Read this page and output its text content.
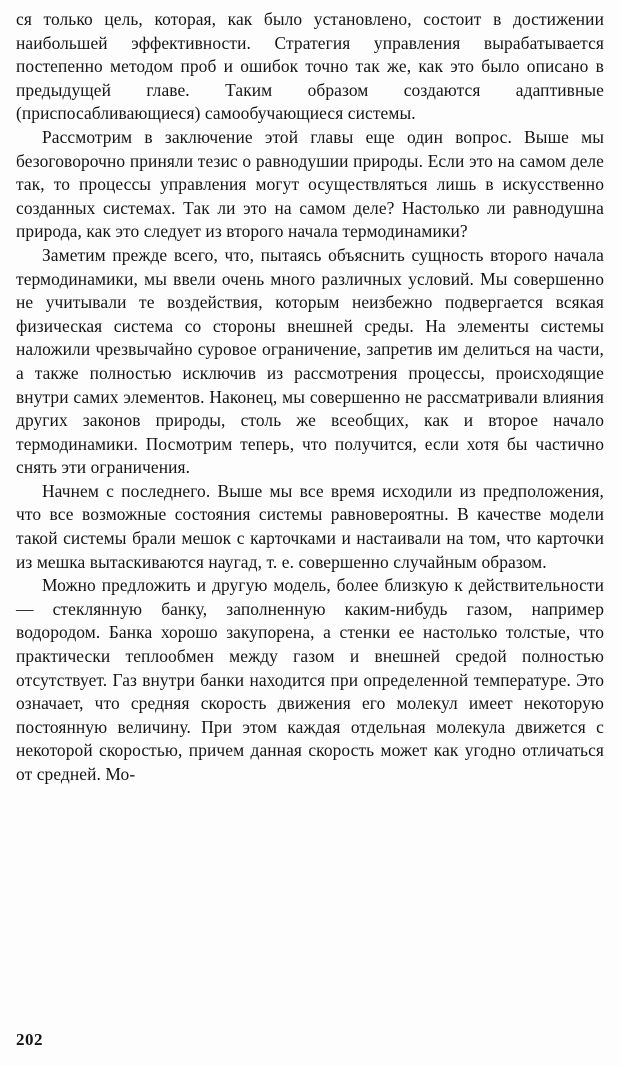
ся только цель, которая, как было установлено, состоит в достижении наибольшей эффективности. Стратегия управления вырабатывается постепенно методом проб и ошибок точно так же, как это было описано в предыдущей главе. Таким образом создаются адаптивные (приспосабливающиеся) самообучающиеся системы.

Рассмотрим в заключение этой главы еще один вопрос. Выше мы безоговорочно приняли тезис о равнодушии природы. Если это на самом деле так, то процессы управления могут осуществляться лишь в искусственно созданных системах. Так ли это на самом деле? Настолько ли равнодушна природа, как это следует из второго начала термодинамики?

Заметим прежде всего, что, пытаясь объяснить сущность второго начала термодинамики, мы ввели очень много различных условий. Мы совершенно не учитывали те воздействия, которым неизбежно подвергается всякая физическая система со стороны внешней среды. На элементы системы наложили чрезвычайно суровое ограничение, запретив им делиться на части, а также полностью исключив из рассмотрения процессы, происходящие внутри самих элементов. Наконец, мы совершенно не рассматривали влияния других законов природы, столь же всеобщих, как и второе начало термодинамики. Посмотрим теперь, что получится, если хотя бы частично снять эти ограничения.

Начнем с последнего. Выше мы все время исходили из предположения, что все возможные состояния системы равновероятны. В качестве модели такой системы брали мешок с карточками и настаивали на том, что карточки из мешка вытаскиваются наугад, т. е. совершенно случайным образом.

Можно предложить и другую модель, более близкую к действительности — стеклянную банку, заполненную каким-нибудь газом, например водородом. Банка хорошо закупорена, а стенки ее настолько толстые, что практически теплообмен между газом и внешней средой полностью отсутствует. Газ внутри банки находится при определенной температуре. Это означает, что средняя скорость движения его молекул имеет некоторую постоянную величину. При этом каждая отдельная молекула движется с некоторой скоростью, причем данная скорость может как угодно отличаться от средней. Мо-

202
